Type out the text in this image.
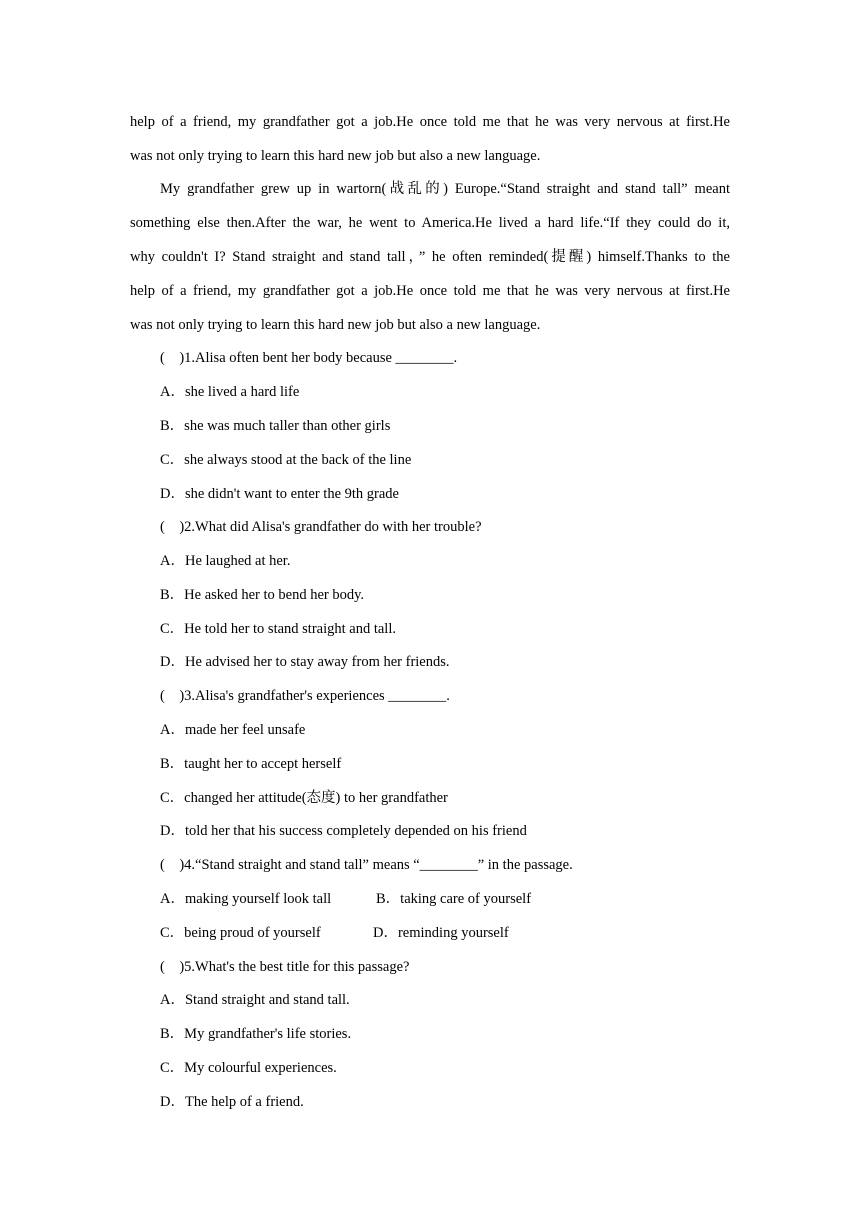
help of a friend, my grandfather got a job.He once told me that he was very nervous at first.He
was not only trying to learn this hard new job but also a new language.
My grandfather grew up in wartorn(战乱的) Europe.“Stand straight and stand tall” meant
something else then.After the war, he went to America.He lived a hard life.“If they could do it,
why couldn't I? Stand straight and stand tall，” he often reminded(提醒) himself.Thanks to the
help of a friend, my grandfather got a job.He once told me that he was very nervous at first.He
was not only trying to learn this hard new job but also a new language.
(　)1.Alisa often bent her body because ________.
A．she lived a hard life
B．she was much taller than other girls
C．she always stood at the back of the line
D．she didn't want to enter the 9th grade
(　)2.What did Alisa's grandfather do with her trouble?
A．He laughed at her.
B．He asked her to bend her body.
C．He told her to stand straight and tall.
D．He advised her to stay away from her friends.
(　)3.Alisa's grandfather's experiences ________.
A．made her feel unsafe
B．taught her to accept herself
C．changed her attitude(态度) to her grandfather
D．told her that his success completely depended on his friend
(　)4.“Stand straight and stand tall” means “________” in the passage.
A．making yourself look tall	B．taking care of yourself
C．being proud of yourself	D．reminding yourself
(　)5.What's the best title for this passage?
A．Stand straight and stand tall.
B．My grandfather's life stories.
C．My colourful experiences.
D．The help of a friend.
